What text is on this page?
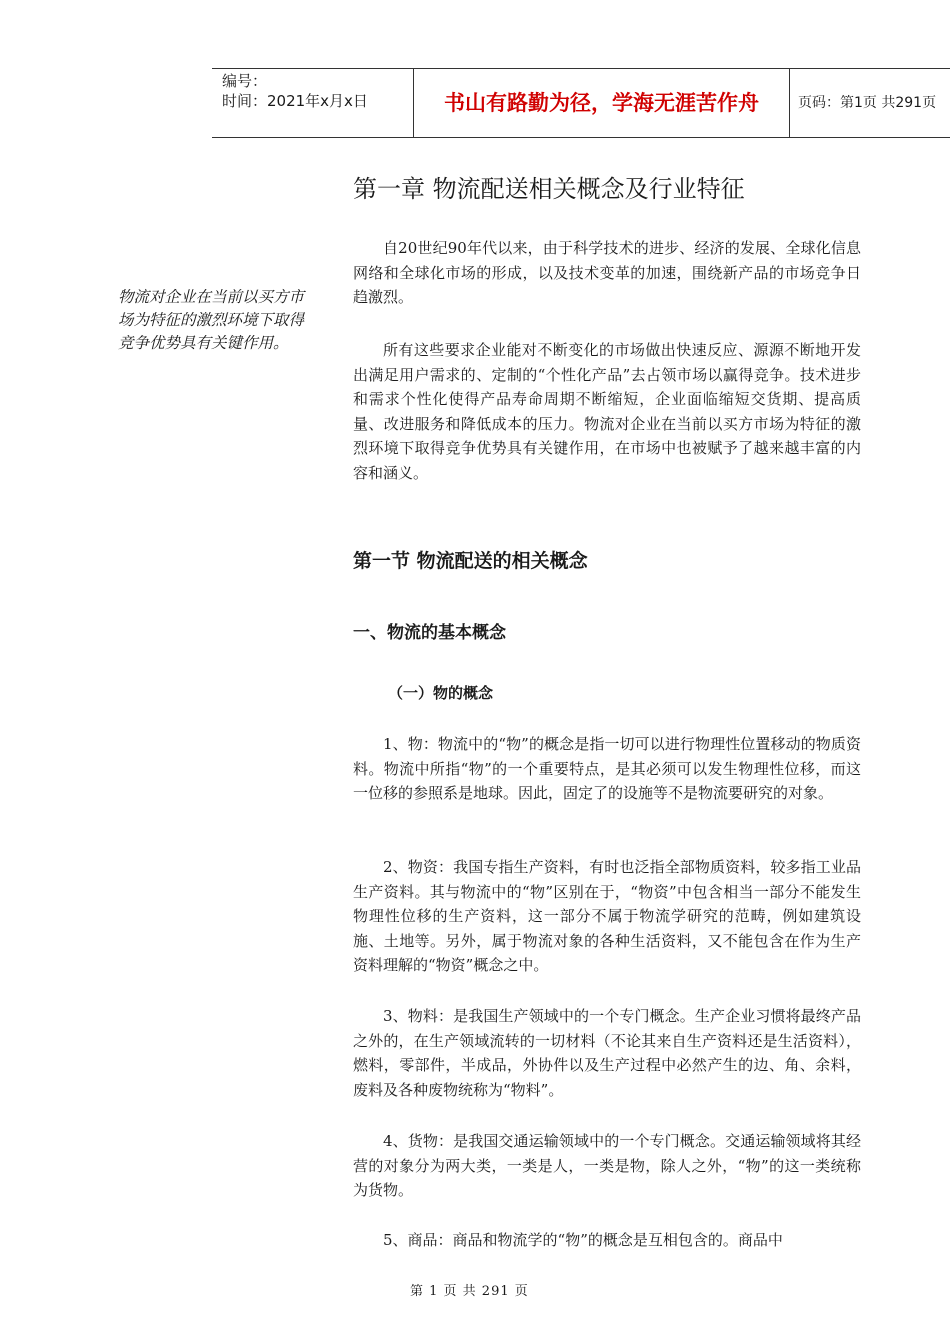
编号：
时间：2021年x月x日	书山有路勤为径，学海无涯苦作舟	页码：第1页 共291页
第一章 物流配送相关概念及行业特征

物流对企业在当前以买方市场为特征的激烈环境下取得竞争优势具有关键作用。

自20世纪90年代以来，由于科学技术的进步、经济的发展、全球化信息网络和全球化市场的形成，以及技术变革的加速，围绕新产品的市场竞争日趋激烈。

所有这些要求企业能对不断变化的市场做出快速反应、源源不断地开发出满足用户需求的、定制的“个性化产品”去占领市场以赢得竞争。技术进步和需求个性化使得产品寿命周期不断缩短，企业面临缩短交货期、提高质量、改进服务和降低成本的压力。物流对企业在当前以买方市场为特征的激烈环境下取得竞争优势具有关键作用，在市场中也被赋予了越来越丰富的内容和涵义。

第一节 物流配送的相关概念
一、物流的基本概念
（一）物的概念

1、物：物流中的“物”的概念是指一切可以进行物理性位置移动的物质资料。物流中所指“物”的一个重要特点，是其必须可以发生物理性位移，而这一位移的参照系是地球。因此，固定了的设施等不是物流要研究的对象。

2、物资：我国专指生产资料，有时也泛指全部物质资料，较多指工业品生产资料。其与物流中的“物”区别在于，“物资”中包含相当一部分不能发生物理性位移的生产资料，这一部分不属于物流学研究的范畴，例如建筑设施、土地等。另外，属于物流对象的各种生活资料，又不能包含在作为生产资料理解的“物资”概念之中。

3、物料：是我国生产领域中的一个专门概念。生产企业习惯将最终产品之外的，在生产领域流转的一切材料（不论其来自生产资料还是生活资料），燃料，零部件，半成品，外协件以及生产过程中必然产生的边、角、余料， 废料及各种废物统称为“物料”。

4、货物：是我国交通运输领域中的一个专门概念。交通运输领域将其经营的对象分为两大类，一类是人，一类是物，除人之外，“物”的这一类统称为货物。

5、商品：商品和物流学的“物”的概念是互相包含的。商品中

第 1 页 共 291 页
